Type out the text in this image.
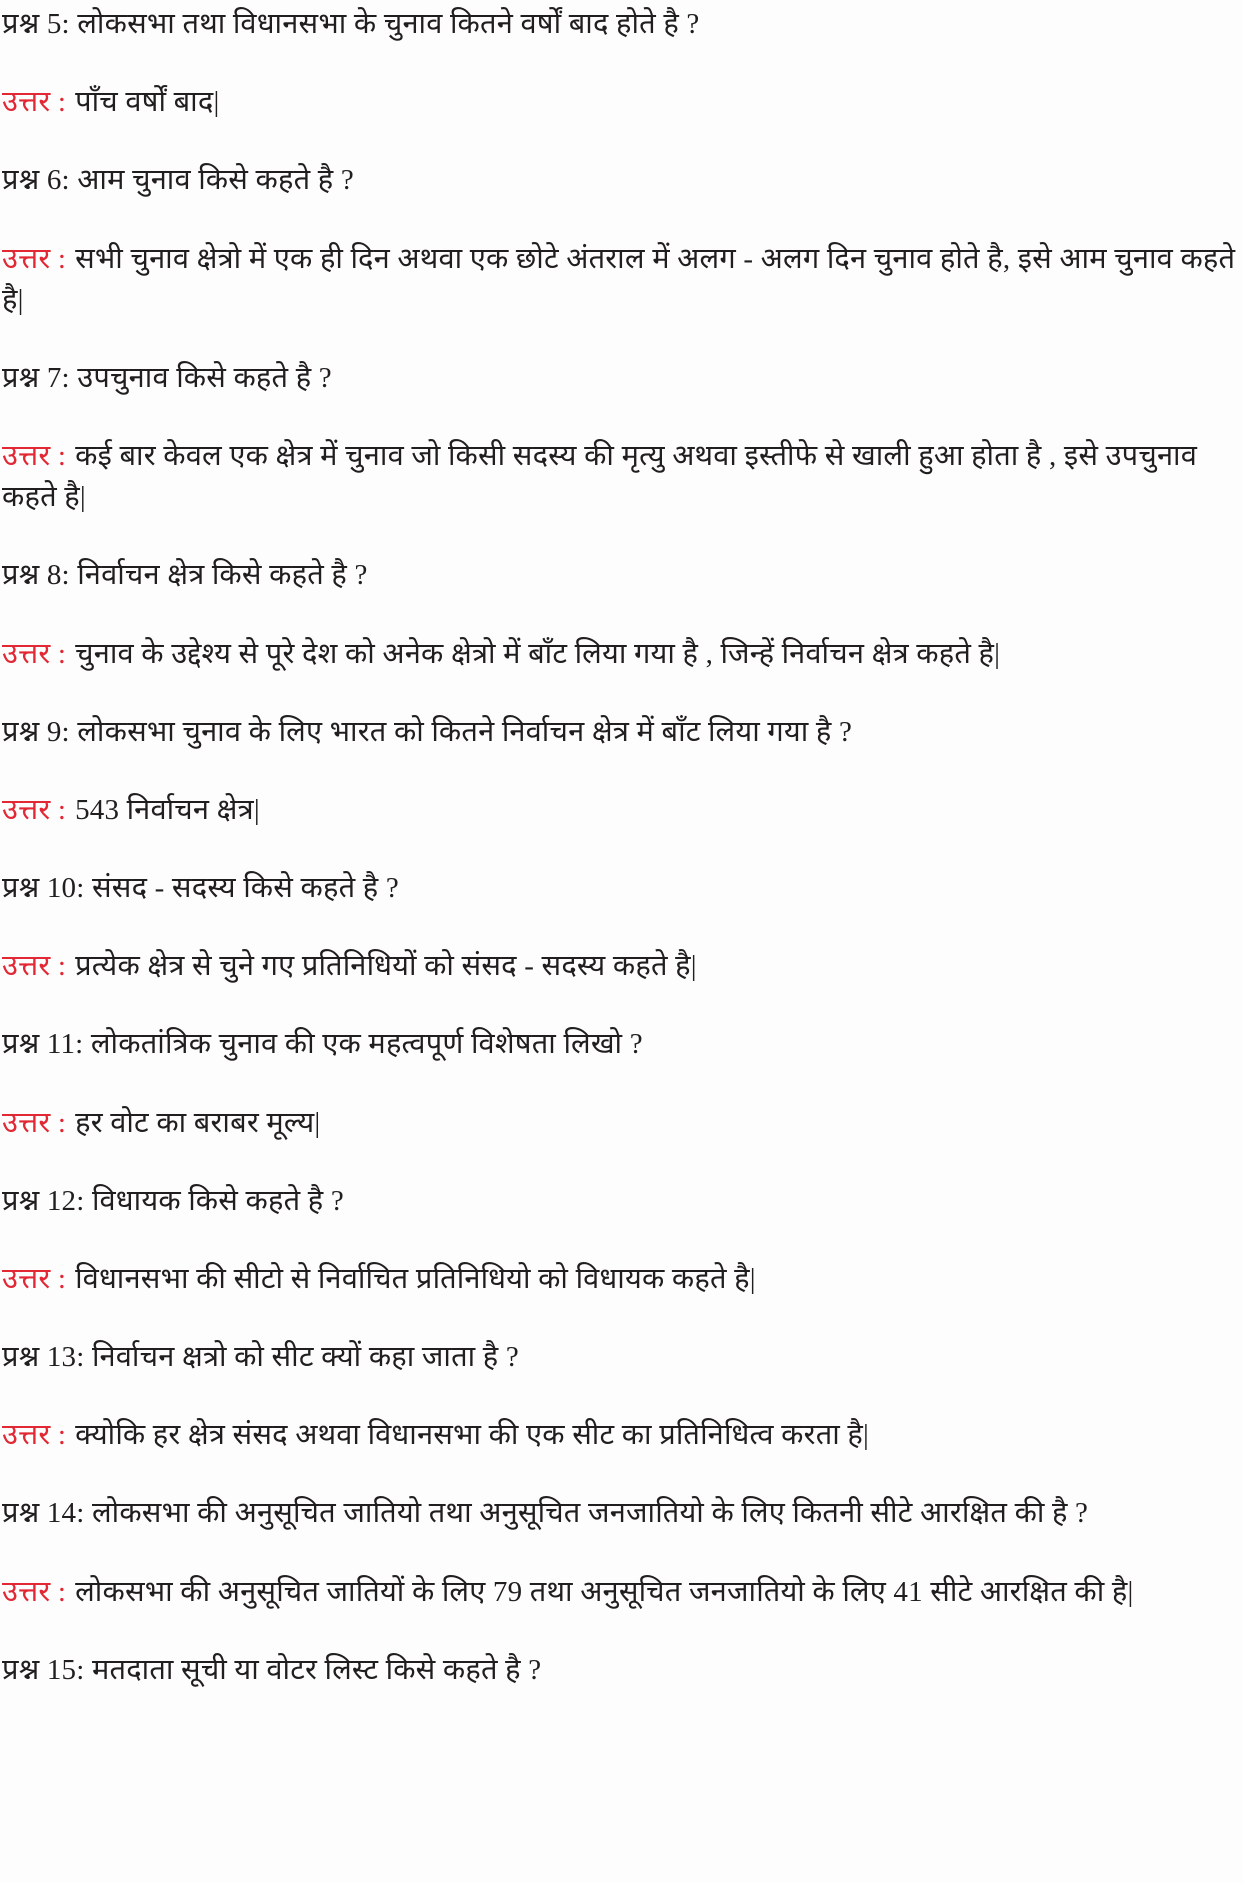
प्रश्न 5: लोकसभा तथा विधानसभा के चुनाव कितने वर्षों बाद होते है ?

उत्तर : पाँच वर्षों बाद|

प्रश्न 6: आम चुनाव किसे कहते है ?

उत्तर : सभी चुनाव क्षेत्रो में एक ही दिन अथवा एक छोटे अंतराल में अलग - अलग दिन चुनाव होते है, इसे आम चुनाव कहते है|

प्रश्न 7: उपचुनाव किसे कहते है ?

उत्तर : कई बार केवल एक क्षेत्र में चुनाव जो किसी सदस्य की मृत्यु अथवा इस्तीफे से खाली हुआ होता है , इसे उपचुनाव कहते है|

प्रश्न 8: निर्वाचन क्षेत्र किसे कहते है ?

उत्तर : चुनाव के उद्देश्य से पूरे देश को अनेक क्षेत्रो में बाँट लिया गया है , जिन्हें निर्वाचन क्षेत्र कहते है|

प्रश्न 9: लोकसभा चुनाव के लिए भारत को कितने निर्वाचन क्षेत्र में बाँट लिया गया है ?

उत्तर : 543 निर्वाचन क्षेत्र|

प्रश्न 10: संसद - सदस्य किसे कहते है ?

उत्तर : प्रत्येक क्षेत्र से चुने गए प्रतिनिधियों को संसद - सदस्य कहते है|

प्रश्न 11: लोकतांत्रिक चुनाव की एक महत्वपूर्ण विशेषता लिखो ?

उत्तर : हर वोट का बराबर मूल्य|

प्रश्न 12: विधायक किसे कहते है ?

उत्तर : विधानसभा की सीटो से निर्वाचित प्रतिनिधियो को विधायक कहते है|

प्रश्न 13: निर्वाचन क्षत्रो को सीट क्यों कहा जाता है ?

उत्तर : क्योकि हर क्षेत्र संसद अथवा विधानसभा की एक सीट का प्रतिनिधित्व करता है|

प्रश्न 14: लोकसभा की अनुसूचित जातियो तथा अनुसूचित जनजातियो के लिए कितनी सीटे आरक्षित की है ?

उत्तर : लोकसभा की अनुसूचित जातियों के लिए 79 तथा अनुसूचित जनजातियो के लिए 41 सीटे आरक्षित की है|

प्रश्न 15: मतदाता सूची या वोटर लिस्ट किसे कहते है ?
